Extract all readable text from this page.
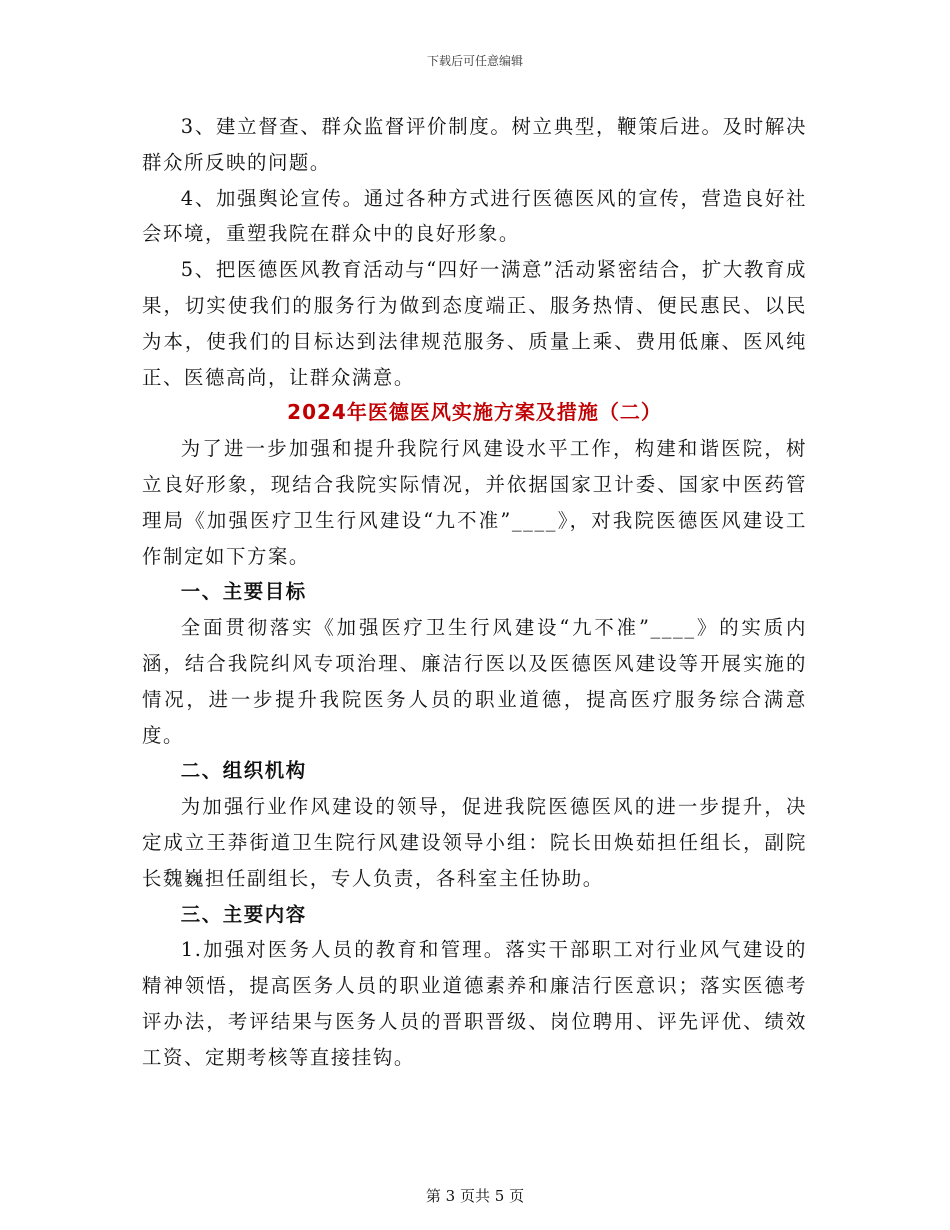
下载后可任意编辑

3、建立督查、群众监督评价制度。树立典型，鞭策后进。及时解决群众所反映的问题。

4、加强舆论宣传。通过各种方式进行医德医风的宣传，营造良好社会环境，重塑我院在群众中的良好形象。

5、把医德医风教育活动与“四好一满意”活动紧密结合，扩大教育成果，切实使我们的服务行为做到态度端正、服务热情、便民惠民、以民为本，使我们的目标达到法律规范服务、质量上乘、费用低廉、医风纯正、医德高尚，让群众满意。

2024年医德医风实施方案及措施（二）

为了进一步加强和提升我院行风建设水平工作，构建和谐医院，树立良好形象，现结合我院实际情况，并依据国家卫计委、国家中医药管理局《加强医疗卫生行风建设“九不准”____》，对我院医德医风建设工作制定如下方案。

一、主要目标

全面贯彻落实《加强医疗卫生行风建设“九不准”____》的实质内涵，结合我院纠风专项治理、廉洁行医以及医德医风建设等开展实施的情况，进一步提升我院医务人员的职业道德，提高医疗服务综合满意度。

二、组织机构

为加强行业作风建设的领导，促进我院医德医风的进一步提升，决定成立王莽街道卫生院行风建设领导小组：院长田焕茹担任组长，副院长魏巍担任副组长，专人负责，各科室主任协助。

三、主要内容

1.加强对医务人员的教育和管理。落实干部职工对行业风气建设的精神领悟，提高医务人员的职业道德素养和廉洁行医意识；落实医德考评办法，考评结果与医务人员的晋职晋级、岗位聘用、评先评优、绩效工资、定期考核等直接挂钩。

第 3 页共 5 页
